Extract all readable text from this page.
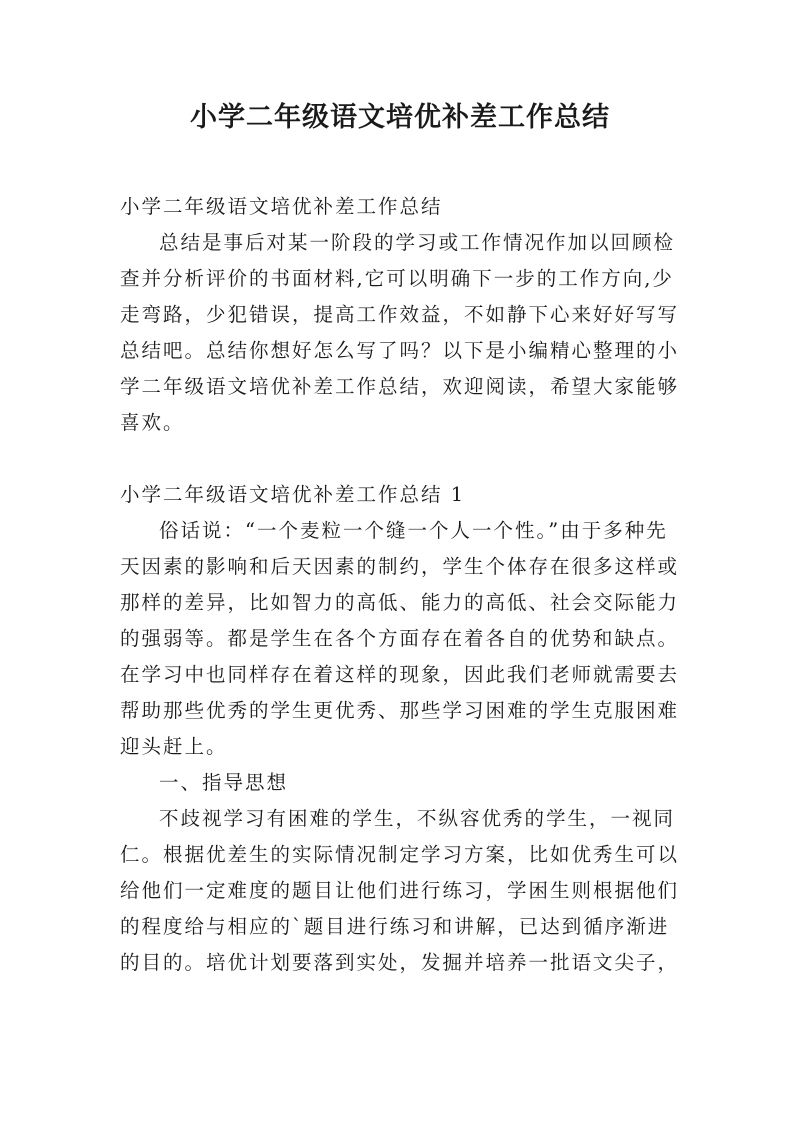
小学二年级语文培优补差工作总结

小学二年级语文培优补差工作总结

总结是事后对某一阶段的学习或工作情况作加以回顾检查并分析评价的书面材料,它可以明确下一步的工作方向,少走弯路，少犯错误，提高工作效益，不如静下心来好好写写总结吧。总结你想好怎么写了吗？以下是小编精心整理的小学二年级语文培优补差工作总结，欢迎阅读，希望大家能够喜欢。

小学二年级语文培优补差工作总结 1

俗话说：“一个麦粒一个缝一个人一个性。”由于多种先天因素的影响和后天因素的制约，学生个体存在很多这样或那样的差异，比如智力的高低、能力的高低、社会交际能力的强弱等。都是学生在各个方面存在着各自的优势和缺点。在学习中也同样存在着这样的现象，因此我们老师就需要去帮助那些优秀的学生更优秀、那些学习困难的学生克服困难迎头赶上。

一、指导思想

不歧视学习有困难的学生，不纵容优秀的学生，一视同仁。根据优差生的实际情况制定学习方案，比如优秀生可以给他们一定难度的题目让他们进行练习，学困生则根据他们的程度给与相应的`题目进行练习和讲解，已达到循序渐进的目的。培优计划要落到实处，发掘并培养一批语文尖子，
